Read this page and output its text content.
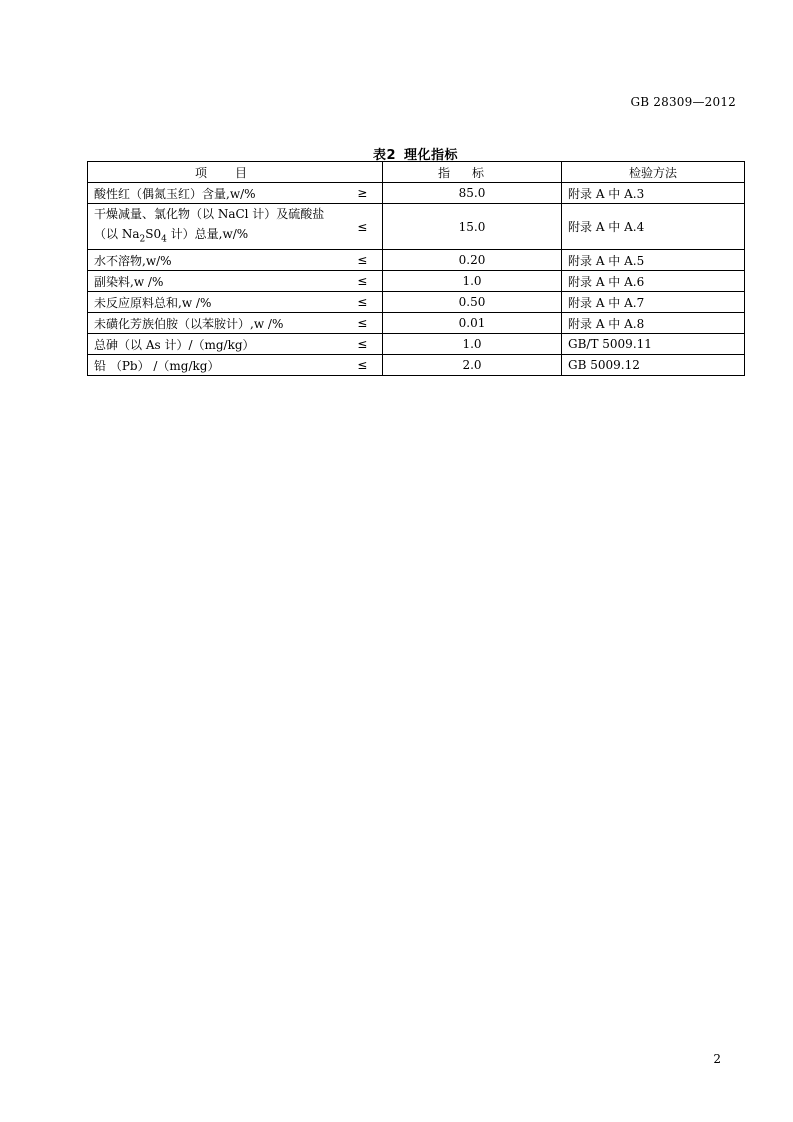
GB 28309—2012
表2 理化指标
项目		指标	检验方法
酸性红（偶氮玉红）含量,w/%	≥	85.0	附录 A 中 A.3
干燥减量、氯化物（以 NaCl 计）及硫酸盐
（以 $Na_2S0_4$ 计）总量,w/%	≤	15.0	附录 A 中 A.4
水不溶物,w/%	≤	0.20	附录 A 中 A.5
副染料,w /%	≤	1.0	附录 A 中 A.6
未反应原料总和,w /%	≤	0.50	附录 A 中 A.7
未磺化芳族伯胺（以苯胺计）,w /%	≤	0.01	附录 A 中 A.8
总砷（以 As 计）/（mg/kg）	≤	1.0	GB/T 5009.11
铅 （Pb） /（mg/kg）	≤	2.0	GB 5009.12
2
